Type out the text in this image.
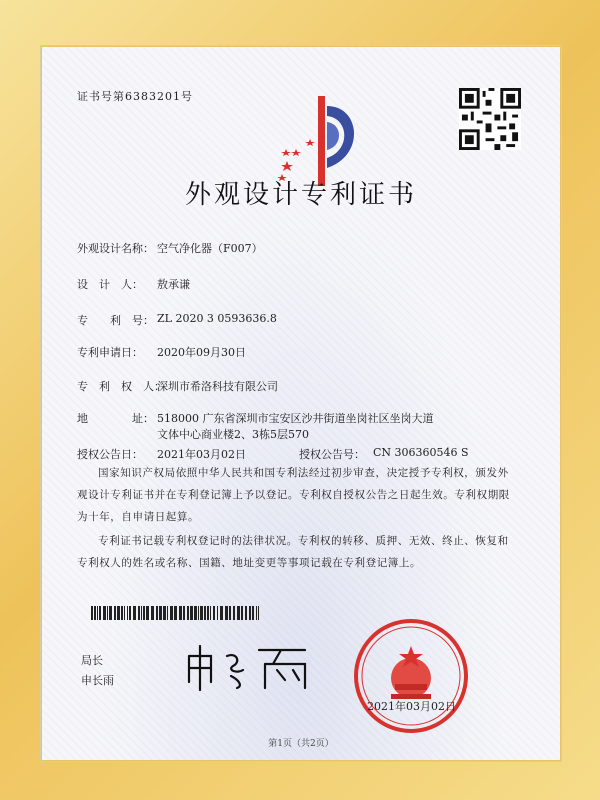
证书号第6383201号
外观设计专利证书
外观设计名称： 空气净化器（F007）
设　计　人： 敖承谦
专　　利　号： ZL 2020 3 0593636.8
专利申请日： 2020年09月30日
专　利　权　人：
深圳市希洛科技有限公司
地　　　　址： 518000 广东省深圳市宝安区沙井街道坐岗社区坐岗大道
文体中心商业楼2、3栋5层570
授权公告日： 2021年03月02日	授权公告号： CN 306360546 S
国家知识产权局依照中华人民共和国专利法经过初步审查，决定授予专利权，颁发外观设计专利证书并在专利登记簿上予以登记。专利权自授权公告之日起生效。专利权期限为十年，自申请日起算。
专利证书记载专利权登记时的法律状况。专利权的转移、质押、无效、终止、恢复和专利权人的姓名或名称、国籍、地址变更等事项记载在专利登记簿上。
局长
申长雨
2021年03月02日
第1页（共2页）
